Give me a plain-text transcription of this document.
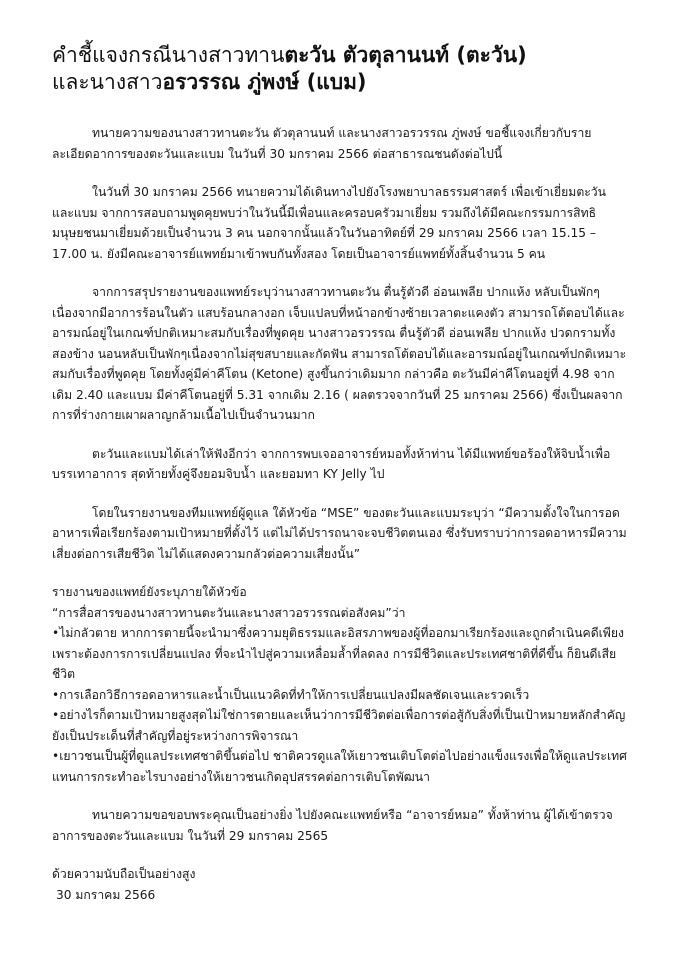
คำชี้แจงกรณีนางสาวทานตะวัน ตัวตุลานนท์ (ตะวัน)
และนางสาวอรวรรณ ภู่พงษ์ (แบม)

ทนายความของนางสาวทานตะวัน ตัวตุลานนท์ และนางสาวอรวรรณ ภู่พงษ์ ขอชี้แจงเกี่ยวกับรายละเอียดอาการของตะวันและแบม ในวันที่ 30 มกราคม 2566 ต่อสาธารณชนดังต่อไปนี้

ในวันที่ 30 มกราคม 2566 ทนายความได้เดินทางไปยังโรงพยาบาลธรรมศาสตร์ เพื่อเข้าเยี่ยมตะวันและแบม จากการสอบถามพูดคุยพบว่าในวันนี้มีเพื่อนและครอบครัวมาเยี่ยม รวมถึงได้มีคณะกรรมการสิทธิมนุษยชนมาเยี่ยมด้วยเป็นจำนวน 3 คน นอกจากนั้นแล้วในวันอาทิตย์ที่ 29 มกราคม 2566 เวลา 15.15 – 17.00 น. ยังมีคณะอาจารย์แพทย์มาเข้าพบกันทั้งสอง โดยเป็นอาจารย์แพทย์ทั้งสิ้นจำนวน 5 คน

จากการสรุปรายงานของแพทย์ระบุว่านางสาวทานตะวัน ตื่นรู้ตัวดี อ่อนเพลีย ปากแห้ง หลับเป็นพักๆ เนื่องจากมีอาการร้อนในตัว แสบร้อนกลางอก เจ็บแปลบที่หน้าอกข้างซ้ายเวลาตะแคงตัว สามารถโต้ตอบได้และอารมณ์อยู่ในเกณฑ์ปกติเหมาะสมกับเรื่องที่พูดคุย นางสาวอรวรรณ ตื่นรู้ตัวดี อ่อนเพลีย ปากแห้ง ปวดกรามทั้งสองข้าง นอนหลับเป็นพักๆเนื่องจากไม่สุขสบายและกัดฟัน สามารถโต้ตอบได้และอารมณ์อยู่ในเกณฑ์ปกติเหมาะสมกับเรื่องที่พูดคุย โดยทั้งคู่มีค่าคีโตน (Ketone) สูงขึ้นกว่าเดิมมาก กล่าวคือ ตะวันมีค่าคีโตนอยู่ที่ 4.98 จากเดิม 2.40 และแบม มีค่าคีโตนอยู่ที่ 5.31 จากเดิม 2.16 ( ผลตรวจจากวันที่ 25 มกราคม 2566) ซึ่งเป็นผลจากการที่ร่างกายเผาผลาญกล้ามเนื้อไปเป็นจำนวนมาก

ตะวันและแบมได้เล่าให้ฟังอีกว่า จากการพบเจออาจารย์หมอทั้งห้าท่าน ได้มีแพทย์ขอร้องให้จิบน้ำเพื่อบรรเทาอาการ สุดท้ายทั้งคู่จึงยอมจิบน้ำ และยอมทา KY Jelly ไป

โดยในรายงานของทีมแพทย์ผู้ดูแล ใต้หัวข้อ “MSE” ของตะวันและแบมระบุว่า “มีความตั้งใจในการอดอาหารเพื่อเรียกร้องตามเป้าหมายที่ตั้งไว้ แต่ไม่ได้ปรารถนาจะจบชีวิตตนเอง ซึ่งรับทราบว่าการอดอาหารมีความเสี่ยงต่อการเสียชีวิต ไม่ได้แสดงความกลัวต่อความเสี่ยงนั้น”

รายงานของแพทย์ยังระบุภายใต้หัวข้อ

“การสื่อสารของนางสาวทานตะวันและนางสาวอรวรรณต่อสังคม”ว่า

•ไม่กลัวตาย หากการตายนี้จะนำมาซึ่งความยุติธรรมและอิสรภาพของผู้ที่ออกมาเรียกร้องและถูกดำเนินคดีเพียงเพราะต้องการการเปลี่ยนแปลง ที่จะนำไปสู่ความเหลื่อมล้ำที่ลดลง การมีชีวิตและประเทศชาติที่ดีขึ้น ก็ยินดีเสียชีวิต

•การเลือกวิธีการอดอาหารและน้ำเป็นแนวคิดที่ทำให้การเปลี่ยนแปลงมีผลชัดเจนและรวดเร็ว

•อย่างไรก็ตามเป้าหมายสูงสุดไม่ใช่การตายและเห็นว่าการมีชีวิตต่อเพื่อการต่อสู้กับสิ่งที่เป็นเป้าหมายหลักสำคัญยังเป็นประเด็นที่สำคัญที่อยู่ระหว่างการพิจารณา

•เยาวชนเป็นผู้ที่ดูแลประเทศชาติขึ้นต่อไป ชาติควรดูแลให้เยาวชนเติบโตต่อไปอย่างแข็งแรงเพื่อให้ดูแลประเทศ แทนการกระทำอะไรบางอย่างให้เยาวชนเกิดอุปสรรคต่อการเติบโตพัฒนา

ทนายความขอขอบพระคุณเป็นอย่างยิ่ง ไปยังคณะแพทย์หรือ “อาจารย์หมอ” ทั้งห้าท่าน ผู้ได้เข้าตรวจอาการของตะวันและแบม ในวันที่ 29 มกราคม 2565

ด้วยความนับถือเป็นอย่างสูง

30 มกราคม 2566
